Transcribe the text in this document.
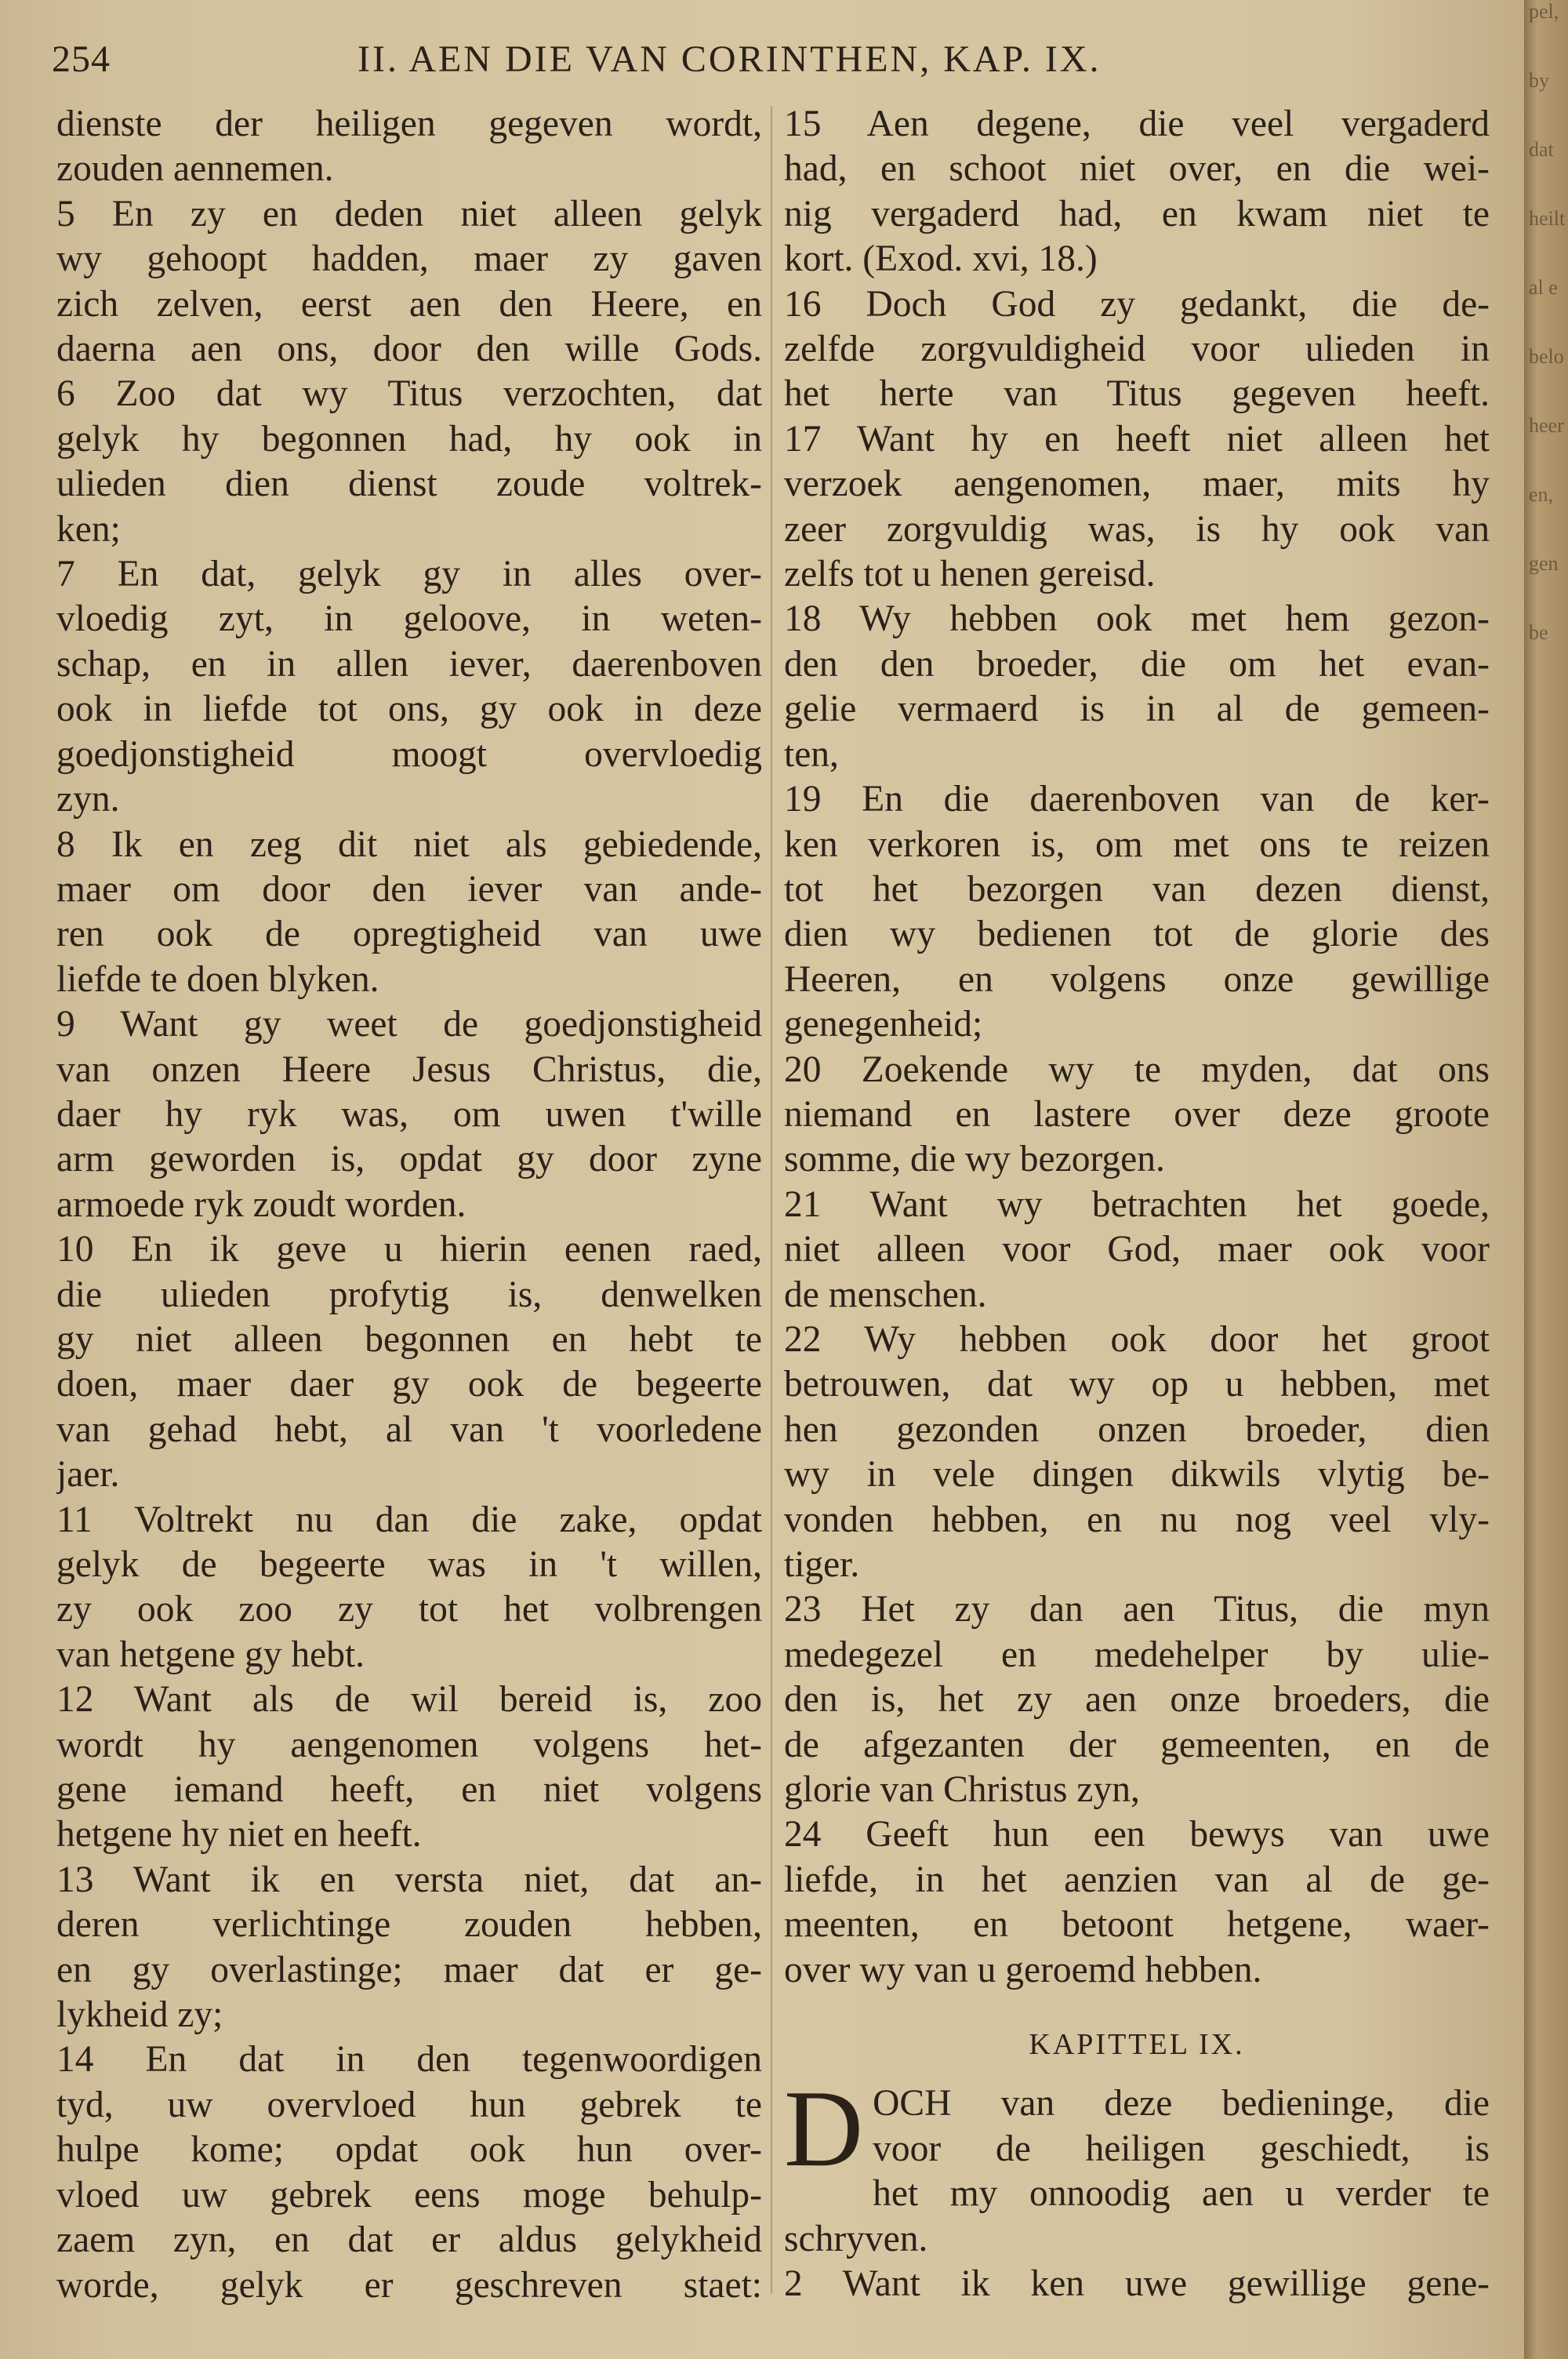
254	II. AEN DIE VAN CORINTHEN, KAP. IX.
dienste der heiligen gegeven wordt,
zouden aennemen.
5 En zy en deden niet alleen gelyk
wy gehoopt hadden, maer zy gaven
zich zelven, eerst aen den Heere, en
daerna aen ons, door den wille Gods.
6 Zoo dat wy Titus verzochten, dat
gelyk hy begonnen had, hy ook in
ulieden dien dienst zoude voltrek-
ken;
7 En dat, gelyk gy in alles over-
vloedig zyt, in geloove, in weten-
schap, en in allen iever, daerenboven
ook in liefde tot ons, gy ook in deze
goedjonstigheid moogt overvloedig
zyn.
8 Ik en zeg dit niet als gebiedende,
maer om door den iever van ande-
ren ook de opregtigheid van uwe
liefde te doen blyken.
9 Want gy weet de goedjonstigheid
van onzen Heere Jesus Christus, die,
daer hy ryk was, om uwen t'wille
arm geworden is, opdat gy door zyne
armoede ryk zoudt worden.
10 En ik geve u hierin eenen raed,
die ulieden profytig is, denwelken
gy niet alleen begonnen en hebt te
doen, maer daer gy ook de begeerte
van gehad hebt, al van 't voorledene
jaer.
11 Voltrekt nu dan die zake, opdat
gelyk de begeerte was in 't willen,
zy ook zoo zy tot het volbrengen
van hetgene gy hebt.
12 Want als de wil bereid is, zoo
wordt hy aengenomen volgens het-
gene iemand heeft, en niet volgens
hetgene hy niet en heeft.
13 Want ik en versta niet, dat an-
deren verlichtinge zouden hebben,
en gy overlastinge; maer dat er ge-
lykheid zy;
14 En dat in den tegenwoordigen
tyd, uw overvloed hun gebrek te
hulpe kome; opdat ook hun over-
vloed uw gebrek eens moge behulp-
zaem zyn, en dat er aldus gelykheid
worde, gelyk er geschreven staet:
15 Aen degene, die veel vergaderd
had, en schoot niet over, en die wei-
nig vergaderd had, en kwam niet te
kort. (Exod. xvi, 18.)
16 Doch God zy gedankt, die de-
zelfde zorgvuldigheid voor ulieden in
het herte van Titus gegeven heeft.
17 Want hy en heeft niet alleen het
verzoek aengenomen, maer, mits hy
zeer zorgvuldig was, is hy ook van
zelfs tot u henen gereisd.
18 Wy hebben ook met hem gezon-
den den broeder, die om het evan-
gelie vermaerd is in al de gemeen-
ten,
19 En die daerenboven van de ker-
ken verkoren is, om met ons te reizen
tot het bezorgen van dezen dienst,
dien wy bedienen tot de glorie des
Heeren, en volgens onze gewillige
genegenheid;
20 Zoekende wy te myden, dat ons
niemand en lastere over deze groote
somme, die wy bezorgen.
21 Want wy betrachten het goede,
niet alleen voor God, maer ook voor
de menschen.
22 Wy hebben ook door het groot
betrouwen, dat wy op u hebben, met
hen gezonden onzen broeder, dien
wy in vele dingen dikwils vlytig be-
vonden hebben, en nu nog veel vly-
tiger.
23 Het zy dan aen Titus, die myn
medegezel en medehelper by ulie-
den is, het zy aen onze broeders, die
de afgezanten der gemeenten, en de
glorie van Christus zyn,
24 Geeft hun een bewys van uwe
liefde, in het aenzien van al de ge-
meenten, en betoont hetgene, waer-
over wy van u geroemd hebben.
KAPITTEL IX.
D OCH van deze bedieninge, die
voor de heiligen geschiedt, is
het my onnoodig aen u verder te
schryven.
2 Want ik ken uwe gewillige gene-
pel,
by
dat
heilt
al e
belo
heer
en,
gen
be
